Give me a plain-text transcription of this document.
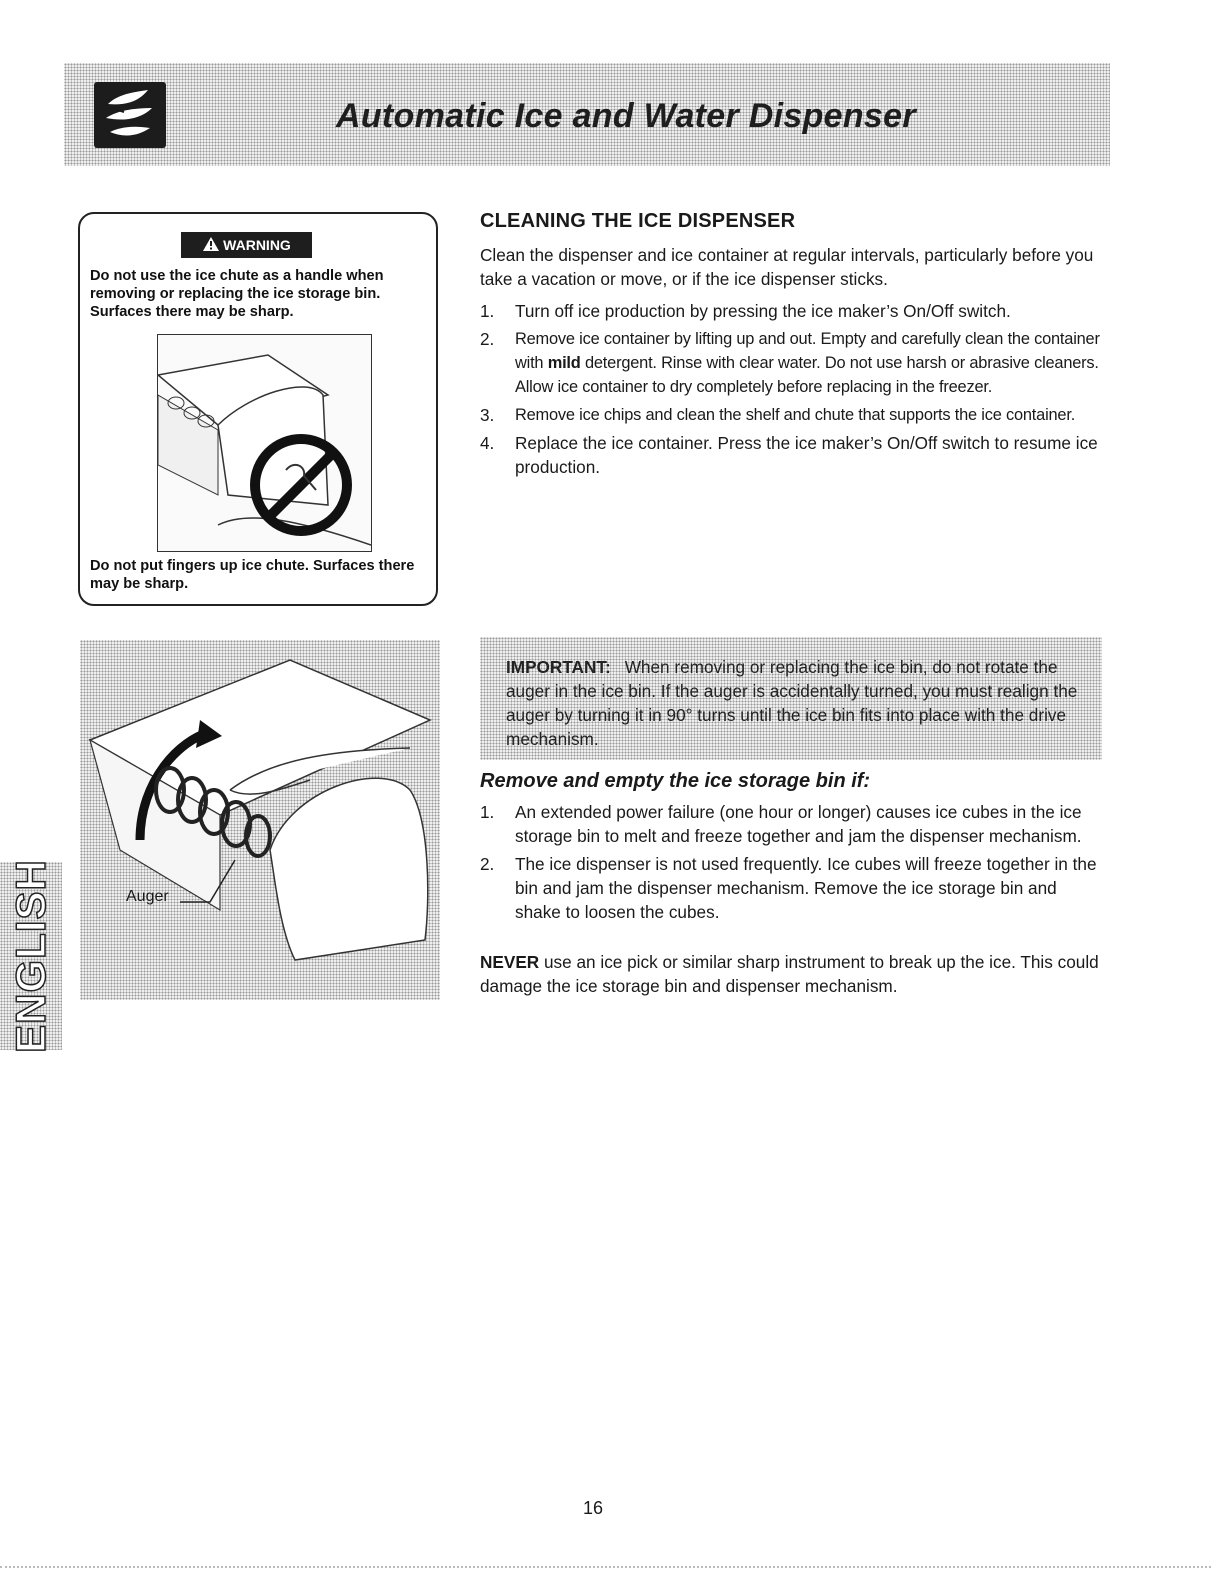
Automatic Ice and Water Dispenser
WARNING

Do not use the ice chute as a handle when removing or replacing the ice storage bin. Surfaces there may be sharp.

Do not put fingers up ice chute. Surfaces there may be sharp.

CLEANING THE ICE DISPENSER

Clean the dispenser and ice container at regular intervals, particularly before you take a vacation or move, or if the ice dispenser sticks.

1.	Turn off ice production by pressing the ice maker’s On/Off switch.
2.	Remove ice container by lifting up and out. Empty and carefully clean the container with mild detergent. Rinse with clear water. Do not use harsh or abrasive cleaners. Allow ice container to dry completely before replacing in the freezer.
3.	Remove ice chips and clean the shelf and chute that supports the ice container.
4.	Replace the ice container. Press the ice maker’s On/Off switch to resume ice production.
Auger

IMPORTANT: When removing or replacing the ice bin, do not rotate the auger in the ice bin. If the auger is accidentally turned, you must realign the auger by turning it in 90° turns until the ice bin fits into place with the drive mechanism.

Remove and empty the ice storage bin if:
1.	An extended power failure (one hour or longer) causes ice cubes in the ice storage bin to melt and freeze together and jam the dispenser mechanism.
2.	The ice dispenser is not used frequently. Ice cubes will freeze together in the bin and jam the dispenser mechanism. Remove the ice storage bin and shake to loosen the cubes.

NEVER use an ice pick or similar sharp instrument to break up the ice. This could damage the ice storage bin and dispenser mechanism.

ENGLISH

16
